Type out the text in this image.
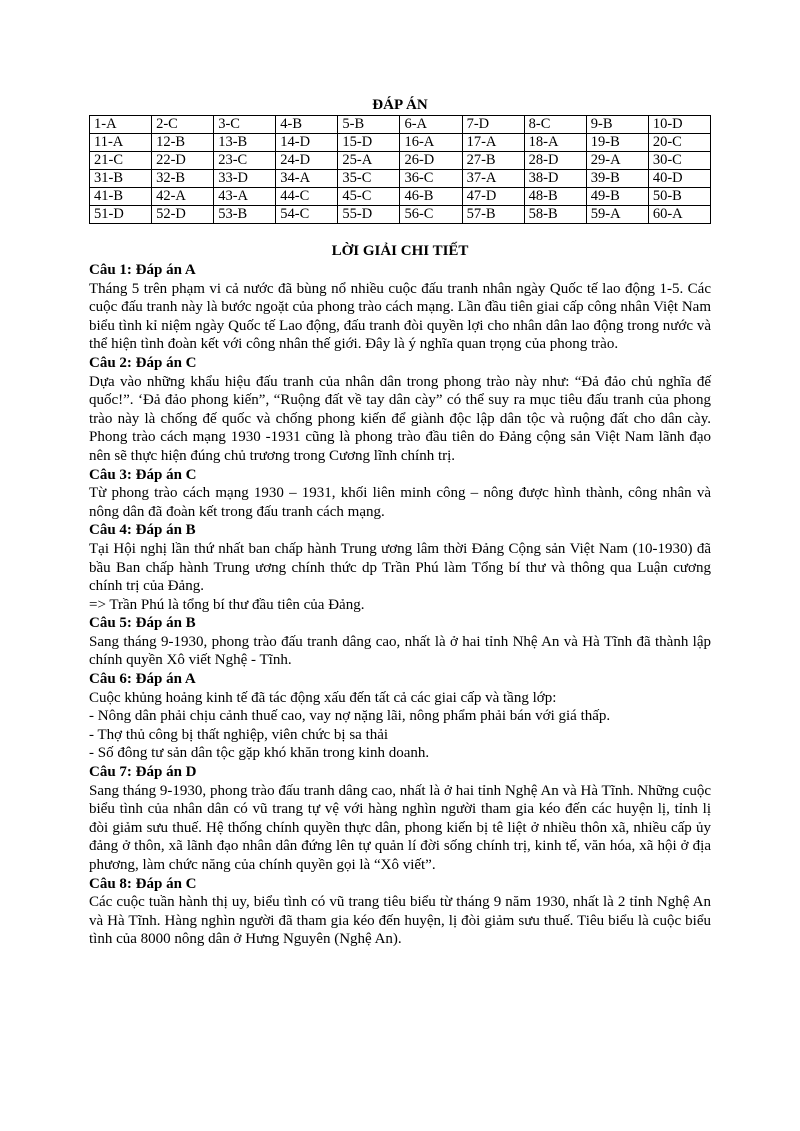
ĐÁP ÁN

1-A	2-C	3-C	4-B	5-B	6-A	7-D	8-C	9-B	10-D
11-A	12-B	13-B	14-D	15-D	16-A	17-A	18-A	19-B	20-C
21-C	22-D	23-C	24-D	25-A	26-D	27-B	28-D	29-A	30-C
31-B	32-B	33-D	34-A	35-C	36-C	37-A	38-D	39-B	40-D
41-B	42-A	43-A	44-C	45-C	46-B	47-D	48-B	49-B	50-B
51-D	52-D	53-B	54-C	55-D	56-C	57-B	58-B	59-A	60-A

LỜI GIẢI CHI TIẾT

Câu 1: Đáp án A

Tháng 5 trên phạm vi cả nước đã bùng nổ nhiều cuộc đấu tranh nhân ngày Quốc tế lao động 1-5. Các cuộc đấu tranh này là bước ngoặt của phong trào cách mạng. Lần đầu tiên giai cấp công nhân Việt Nam biểu tình kỉ niệm ngày Quốc tế Lao động, đấu tranh đòi quyền lợi cho nhân dân lao động trong nước và thể hiện tình đoàn kết với công nhân thế giới. Đây là ý nghĩa quan trọng của phong trào.

Câu 2: Đáp án C

Dựa vào những khẩu hiệu đấu tranh của nhân dân trong phong trào này như: “Đả đảo chủ nghĩa đế quốc!”. ‘Đả đảo phong kiến”, “Ruộng đất về tay dân cày” có thể suy ra mục tiêu đấu tranh của phong trào này là chống đế quốc và chống phong kiến để giành độc lập dân tộc và ruộng đất cho dân cày. Phong trào cách mạng 1930 -1931 cũng là phong trào đầu tiên do Đảng cộng sản Việt Nam lãnh đạo nên sẽ thực hiện đúng chủ trương trong Cương lĩnh chính trị.

Câu 3: Đáp án C

Từ phong trào cách mạng 1930 – 1931, khối liên minh công – nông được hình thành, công nhân và nông dân đã đoàn kết trong đấu tranh cách mạng.

Câu 4: Đáp án B

Tại Hội nghị lần thứ nhất ban chấp hành Trung ương lâm thời Đảng Cộng sản Việt Nam (10-1930) đã bầu Ban chấp hành Trung ương chính thức dp Trần Phú làm Tổng bí thư và thông qua Luận cương chính trị của Đảng.

=> Trần Phú là tổng bí thư đầu tiên của Đảng.

Câu 5: Đáp án B

Sang tháng 9-1930, phong trào đấu tranh dâng cao, nhất là ở hai tỉnh Nhệ An và Hà Tĩnh đã thành lập chính quyền Xô viết Nghệ - Tĩnh.

Câu 6: Đáp án A

Cuộc khủng hoảng kinh tế đã tác động xấu đến tất cả các giai cấp và tầng lớp:

- Nông dân phải chịu cảnh thuế cao, vay nợ nặng lãi, nông phẩm phải bán với giá thấp.

- Thợ thủ công bị thất nghiệp, viên chức bị sa thải

- Số đông tư sản dân tộc gặp khó khăn trong kinh doanh.

Câu 7: Đáp án D

Sang tháng 9-1930, phong trào đấu tranh dâng cao, nhất là ở hai tỉnh Nghệ An và Hà Tĩnh. Những cuộc biểu tình của nhân dân có vũ trang tự vệ với hàng nghìn người tham gia kéo đến các huyện lị, tỉnh lị đòi giảm sưu thuế. Hệ thống chính quyền thực dân, phong kiến bị tê liệt ở nhiều thôn xã, nhiều cấp ủy đảng ở thôn, xã lãnh đạo nhân dân đứng lên tự quản lí đời sống chính trị, kinh tế, văn hóa, xã hội ở địa phương, làm chức năng của chính quyền gọi là “Xô viết”.

Câu 8: Đáp án C

Các cuộc tuần hành thị uy, biểu tình có vũ trang tiêu biểu từ tháng 9 năm 1930, nhất là 2 tỉnh Nghệ An và Hà Tĩnh. Hàng nghìn người đã tham gia kéo đến huyện, lị đòi giảm sưu thuế. Tiêu biểu là cuộc biểu tình của 8000 nông dân ở Hưng Nguyên (Nghệ An).
